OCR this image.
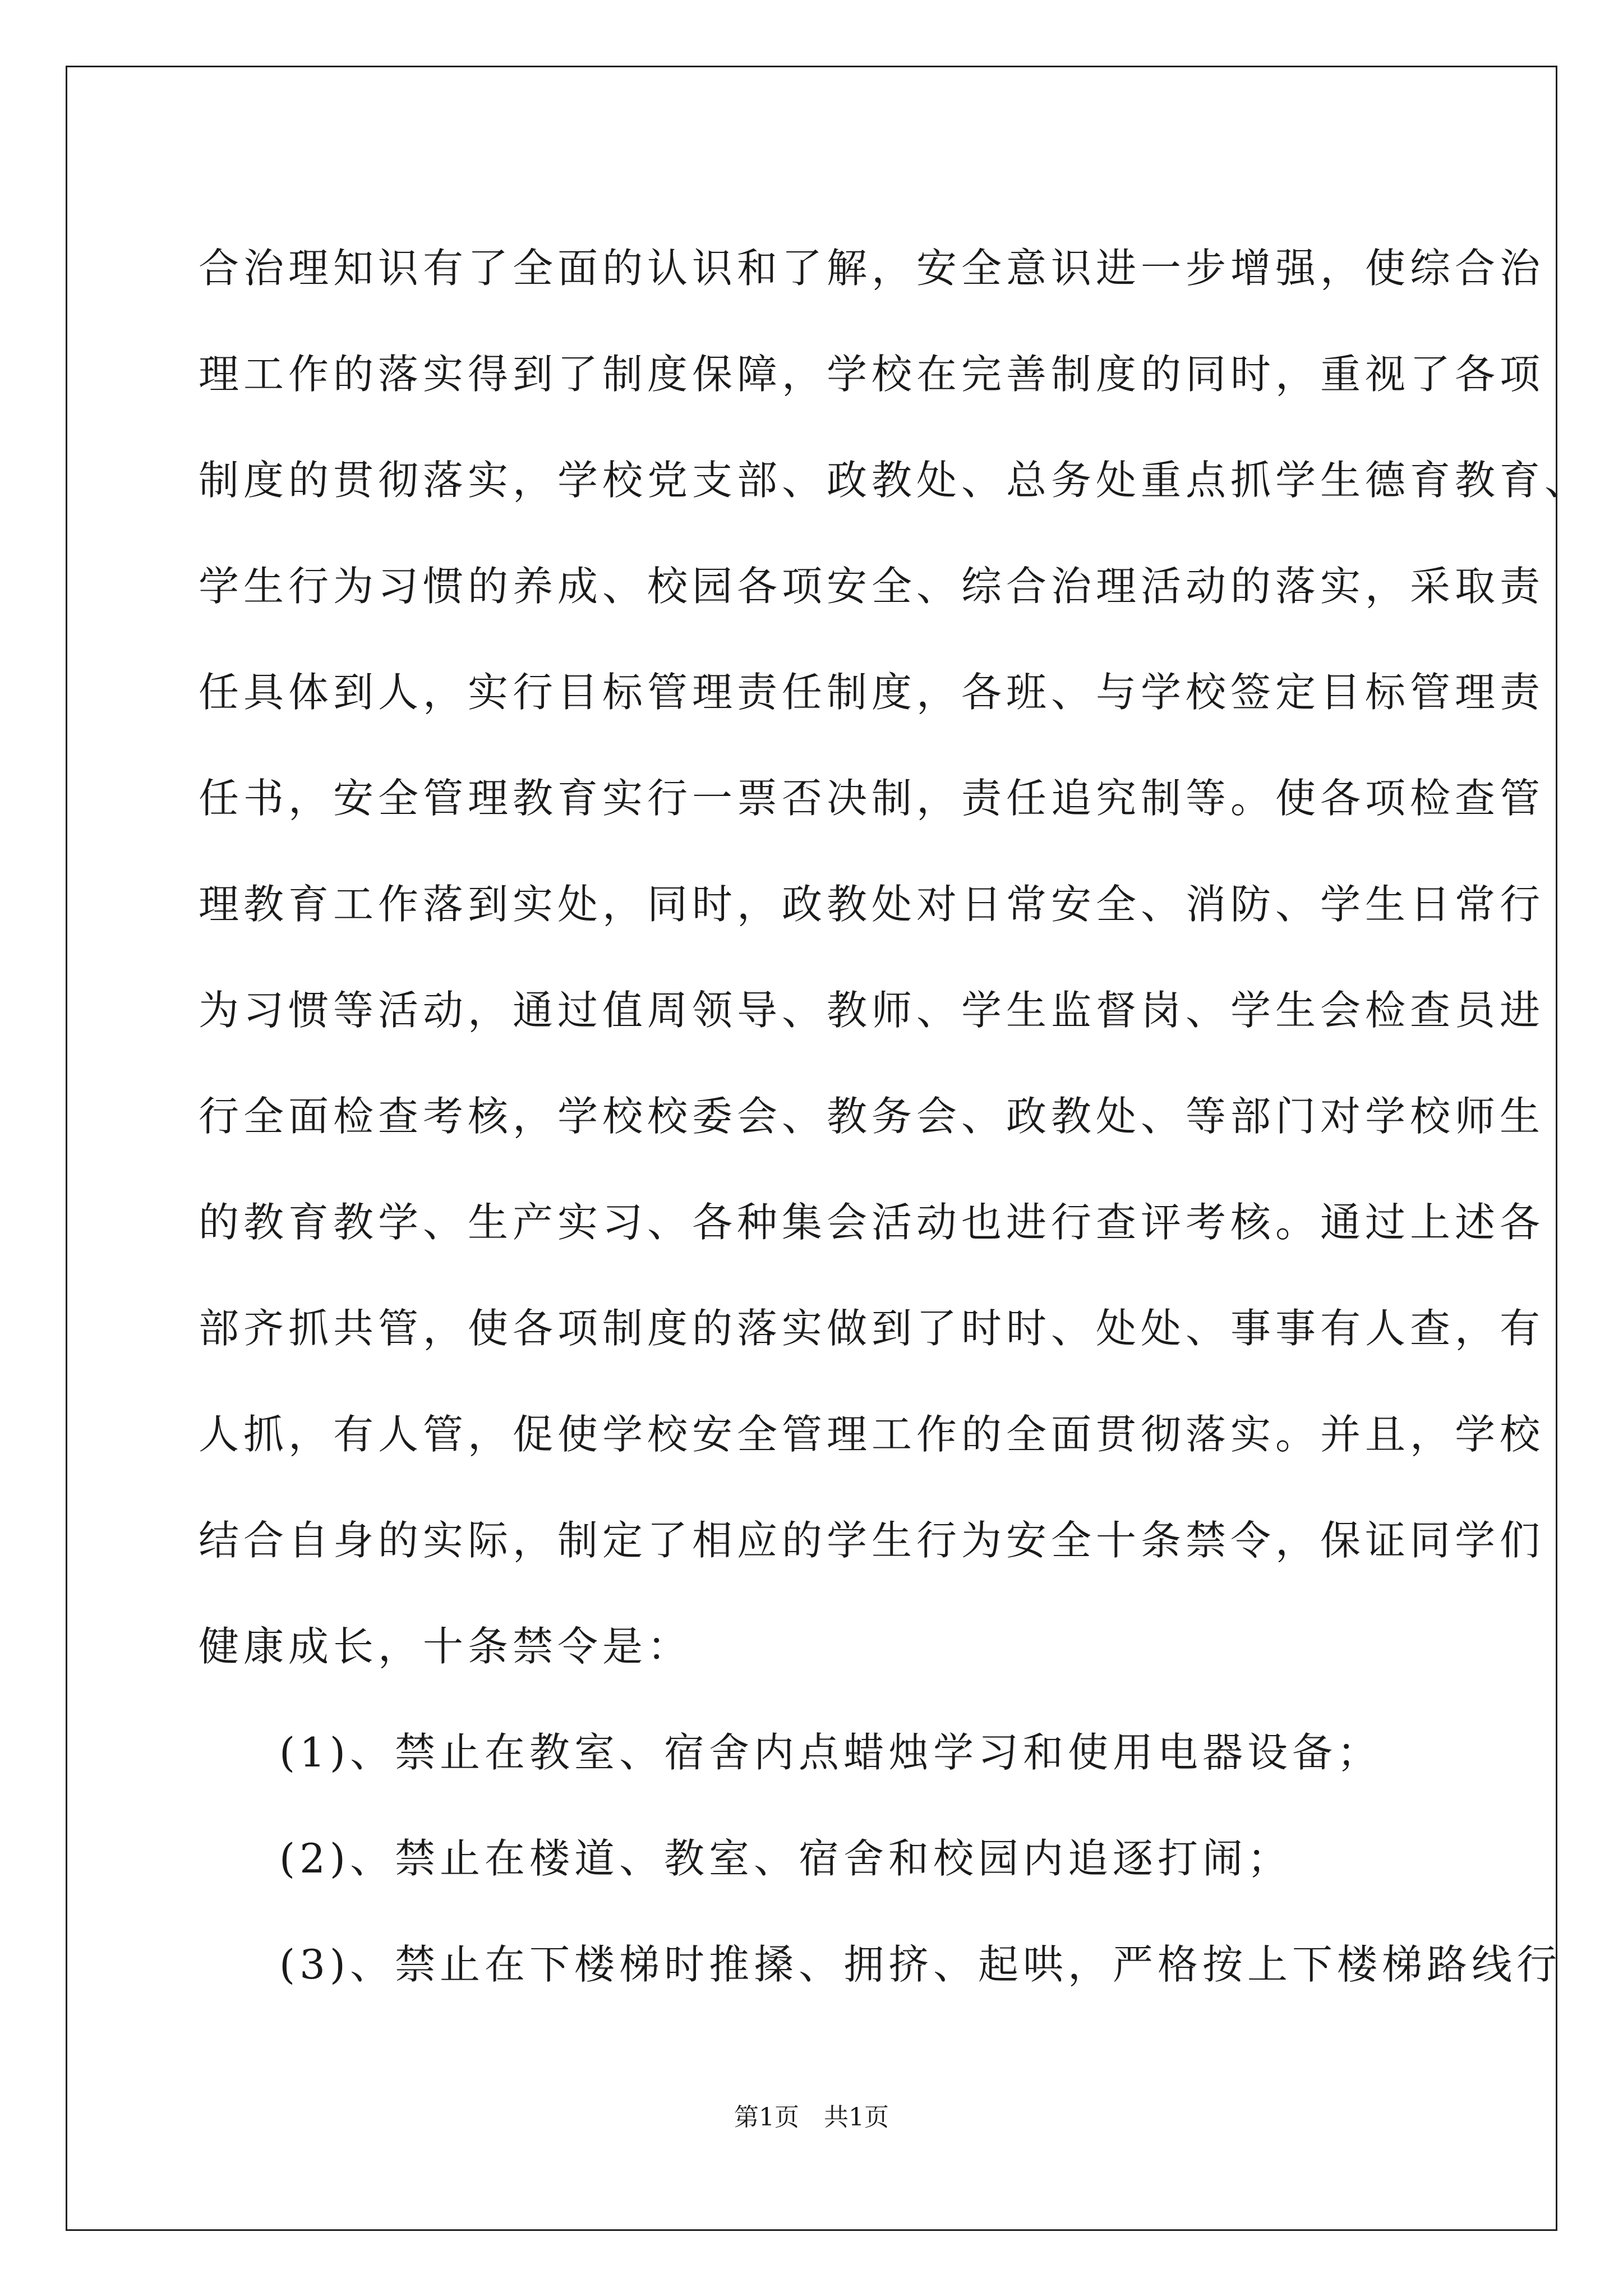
合治理知识有了全面的认识和了解，安全意识进一步增强，使综合治
理工作的落实得到了制度保障，学校在完善制度的同时，重视了各项
制度的贯彻落实，学校党支部、政教处、总务处重点抓学生德育教育、
学生行为习惯的养成、校园各项安全、综合治理活动的落实，采取责
任具体到人，实行目标管理责任制度，各班、与学校签定目标管理责
任书，安全管理教育实行一票否决制，责任追究制等。使各项检查管
理教育工作落到实处，同时，政教处对日常安全、消防、学生日常行
为习惯等活动，通过值周领导、教师、学生监督岗、学生会检查员进
行全面检查考核，学校校委会、教务会、政教处、等部门对学校师生
的教育教学、生产实习、各种集会活动也进行查评考核。通过上述各
部齐抓共管，使各项制度的落实做到了时时、处处、事事有人查，有
人抓，有人管，促使学校安全管理工作的全面贯彻落实。并且，学校
结合自身的实际，制定了相应的学生行为安全十条禁令，保证同学们
健康成长，十条禁令是：
(1)、禁止在教室、宿舍内点蜡烛学习和使用电器设备；
(2)、禁止在楼道、教室、宿舍和校园内追逐打闹；
(3)、禁止在下楼梯时推搡、拥挤、起哄，严格按上下楼梯路线行
第1页　共1页
